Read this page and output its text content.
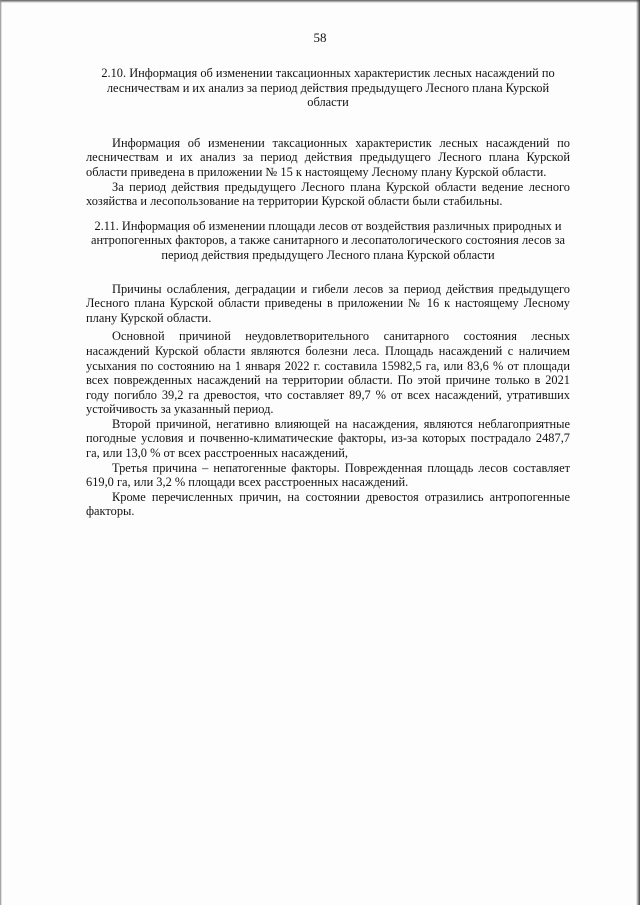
58

2.10. Информация об изменении таксационных характеристик лесных насаждений по лесничествам и их анализ за период действия предыдущего Лесного плана Курской области

Информация об изменении таксационных характеристик лесных насаждений по лесничествам и их анализ за период действия предыдущего Лесного плана Курской области приведена в приложении № 15 к настоящему Лесному плану Курской области.

За период действия предыдущего Лесного плана Курской области ведение лесного хозяйства и лесопользование на территории Курской области были стабильны.

2.11. Информация об изменении площади лесов от воздействия различных природных и антропогенных факторов, а также санитарного и лесопатологического состояния лесов за период действия предыдущего Лесного плана Курской области

Причины ослабления, деградации и гибели лесов за период действия предыдущего Лесного плана Курской области приведены в приложении № 16 к настоящему Лесному плану Курской области.

Основной причиной неудовлетворительного санитарного состояния лесных насаждений Курской области являются болезни леса. Площадь насаждений с наличием усыхания по состоянию на 1 января 2022 г. составила 15982,5 га, или 83,6 % от площади всех поврежденных насаждений на территории области. По этой причине только в 2021 году погибло 39,2 га древостоя, что составляет 89,7 % от всех насаждений, утративших устойчивость за указанный период.

Второй причиной, негативно влияющей на насаждения, являются неблагоприятные погодные условия и почвенно-климатические факторы, из-за которых пострадало 2487,7 га, или 13,0 % от всех расстроенных насаждений,

Третья причина – непатогенные факторы. Поврежденная площадь лесов составляет 619,0 га, или 3,2 % площади всех расстроенных насаждений.

Кроме перечисленных причин, на состоянии древостоя отразились антропогенные факторы.
